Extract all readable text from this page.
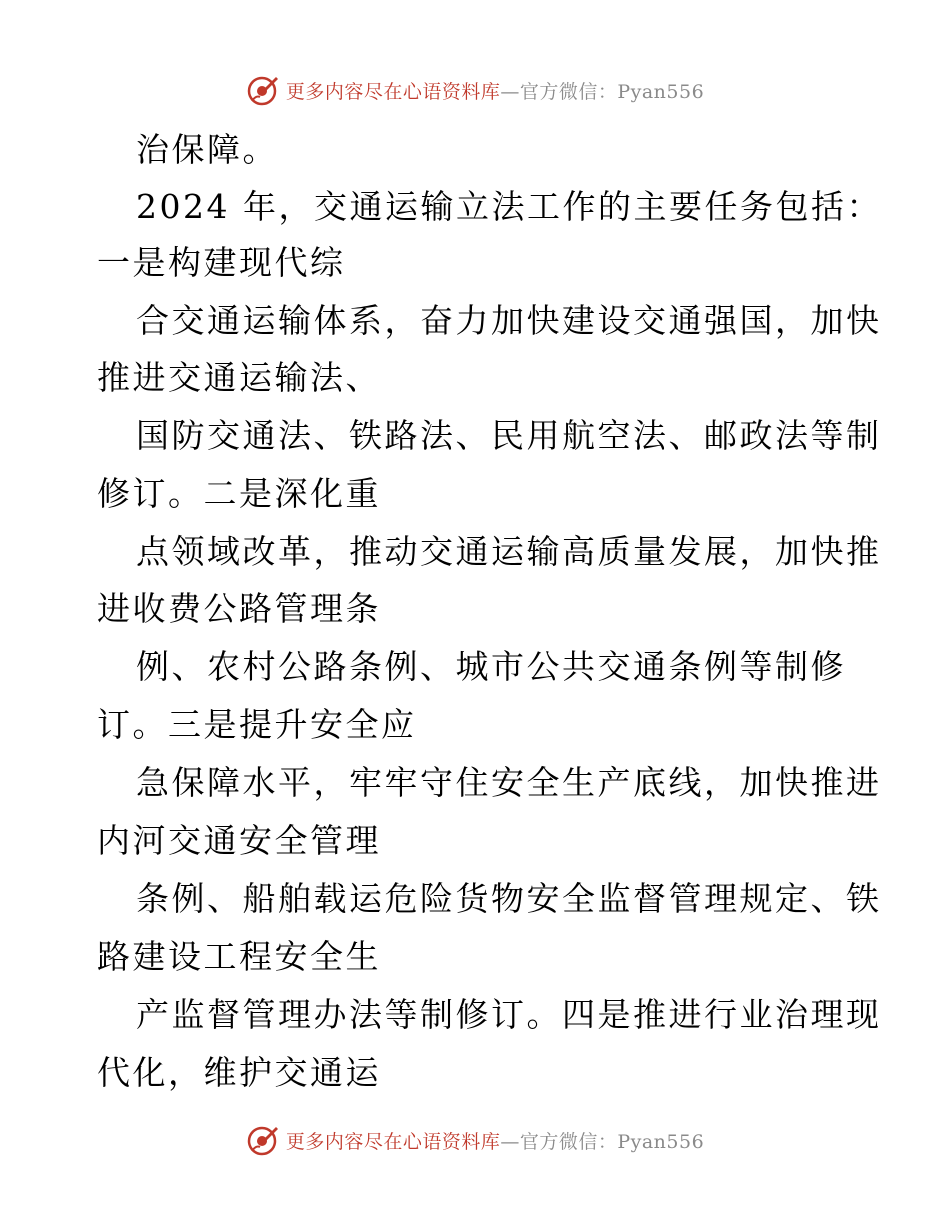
更多内容尽在心语资料库—官方微信：Pyan556
治保障。
2024 年，交通运输立法工作的主要任务包括：
一是构建现代综
合交通运输体系，奋力加快建设交通强国，加快
推进交通运输法、
国防交通法、铁路法、民用航空法、邮政法等制
修订。二是深化重
点领域改革，推动交通运输高质量发展，加快推
进收费公路管理条
例、农村公路条例、城市公共交通条例等制修
订。三是提升安全应
急保障水平，牢牢守住安全生产底线，加快推进
内河交通安全管理
条例、船舶载运危险货物安全监督管理规定、铁
路建设工程安全生
产监督管理办法等制修订。四是推进行业治理现
代化，维护交通运
更多内容尽在心语资料库—官方微信：Pyan556
